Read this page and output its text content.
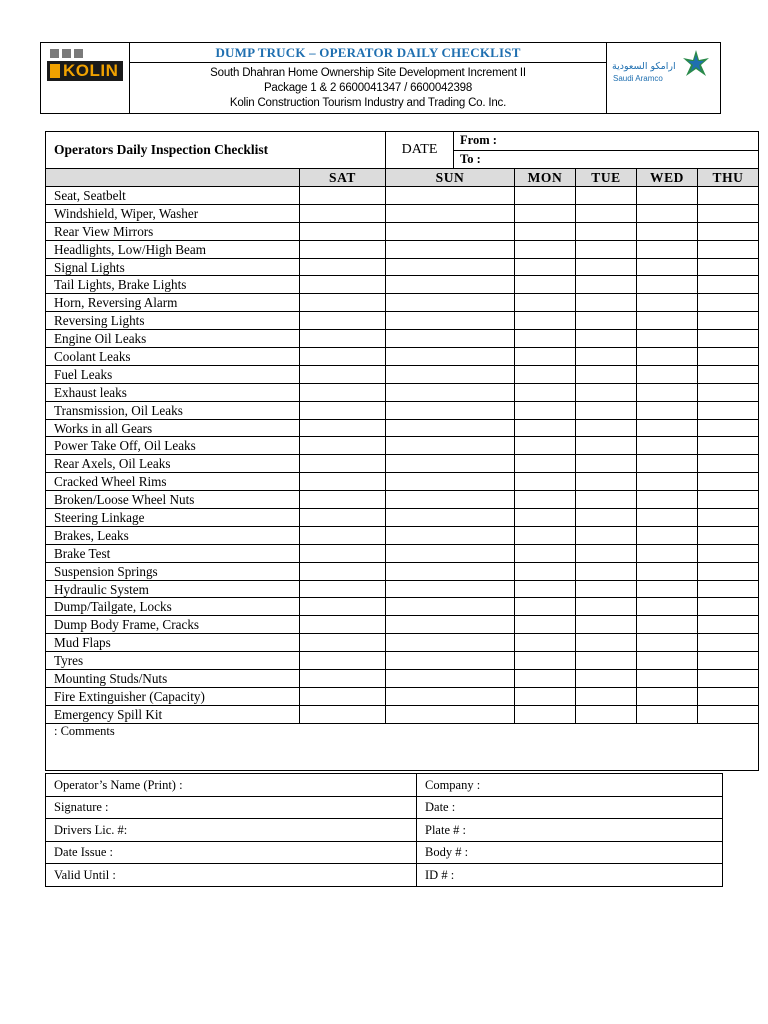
KOLIN
DUMP TRUCK – OPERATOR DAILY CHECKLIST
South Dhahran Home Ownership Site Development Increment II
Package 1 & 2 6600041347 / 6600042398
Kolin Construction Tourism Industry and Trading Co. Inc.
ارامكو السعودية
Saudi Aramco
Operators Daily Inspection Checklist		DATE	From :					
			To :					
	SAT	SUN		MON	TUE	WED	THU	
Seat, Seatbelt								
Windshield, Wiper, Washer								
Rear View Mirrors								
Headlights, Low/High Beam								
Signal Lights								
Tail Lights, Brake Lights								
Horn, Reversing Alarm								
Reversing Lights								
Engine Oil Leaks								
Coolant Leaks								
Fuel Leaks								
Exhaust leaks								
Transmission, Oil Leaks								
Works in all Gears								
Power Take Off, Oil Leaks								
Rear Axels, Oil Leaks								
Cracked Wheel Rims								
Broken/Loose Wheel Nuts								
Steering Linkage								
Brakes, Leaks								
Brake Test								
Suspension Springs								
Hydraulic System								
Dump/Tailgate, Locks								
Dump Body Frame, Cracks								
Mud Flaps								
Tyres								
Mounting Studs/Nuts								
Fire Extinguisher (Capacity)								
Emergency Spill Kit								
: Comments								
Operator’s Name (Print) :	Company :
Signature :	Date :
Drivers Lic. #:	Plate # :
Date Issue :	Body # :
Valid Until :	ID # :
